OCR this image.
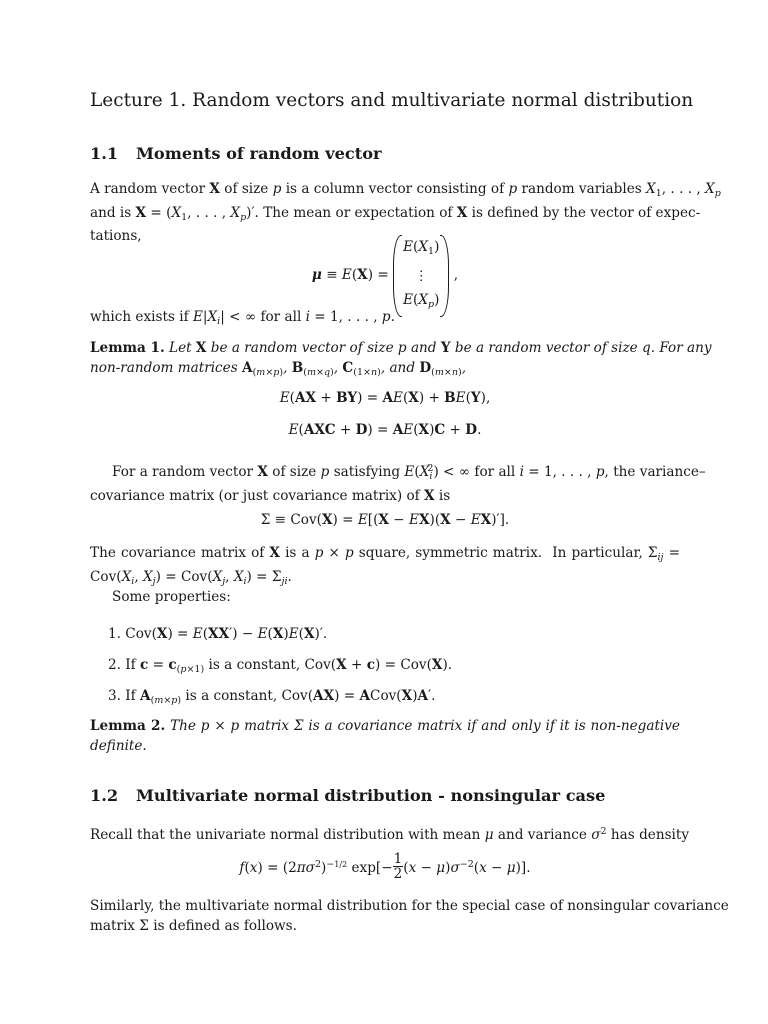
Lecture 1. Random vectors and multivariate normal distribution
1.1 Moments of random vector
A random vector X of size p is a column vector consisting of p random variables $X_1$, . . . , $X_p$
and is $X = (X_1$, . . . , $X_p)'$. The mean or expectation of X is defined by the vector of expec-
tations,
μ ≡ E(X) =
$E(X_1)$
⋮
$E(X_p)$
,
which exists if $E|X_i|$ < ∞ for all i = 1, . . . , p.
Lemma 1. Let X be a random vector of size p and Y be a random vector of size q. For any
non-random matrices $A_{(m\times p)}$, $B_{(m\times q)}$, $C_{(1\times n)}$, and $D_{(m\times n)}$,
E(AX + BY) = AE(X) + BE(Y),
E(AXC + D) = AE(X)C + D.
For a random vector X of size p satisfying $E(X_i^2)$ < ∞ for all i = 1, . . . , p, the variance–
covariance matrix (or just covariance matrix) of X is
Σ ≡ Cov(X) = E[(X − EX)(X − EX)′].
The covariance matrix of X is a p × p square, symmetric matrix.  In particular, $\Sigma_{ij}$ =
$Cov(X_i$, $X_j) = Cov(X_j$, $X_i) = \Sigma_{ji}$.
Some properties:
1. Cov(X) = E(XX′) − E(X)E(X)′.
2. If $c = c_{(p\times 1)}$ is a constant, Cov(X + c) = Cov(X).
3. If $A_{(m\times p)}$ is a constant, Cov(AX) = ACov(X)A′.
Lemma 2. The p × p matrix Σ is a covariance matrix if and only if it is non-negative
definite.
1.2 Multivariate normal distribution - nonsingular case
Recall that the univariate normal distribution with mean μ and variance $\sigma^2$ has density
$f(x) = (2\pi\sigma^2)^{-1/2}$ $\exp[- \frac{1}{2} (x - \mu)\sigma^{-2}(x - \mu)]$.
Similarly, the multivariate normal distribution for the special case of nonsingular covariance
matrix Σ is defined as follows.
